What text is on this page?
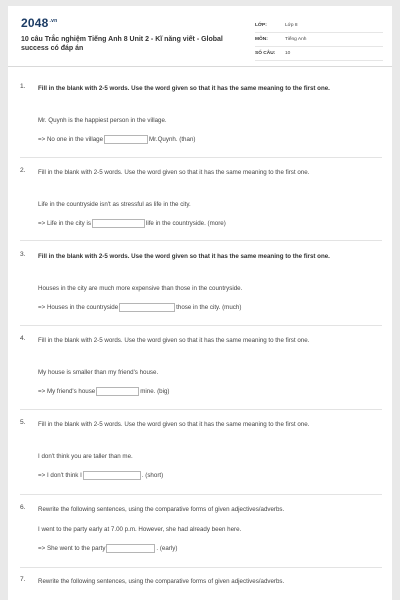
$2048^{.vn}$
10 câu Trắc nghiệm Tiếng Anh 8 Unit 2 - Kĩ năng viết - Global success có đáp án
LỚP:	Lớp 8
MÔN:	Tiếng Anh
SỐ CÂU:	10
1. Fill in the blank with 2-5 words. Use the word given so that it has the same meaning to the first one.
Mr. Quynh is the happiest person in the village.
=> No one in the village	Mr.Quynh. (than)
2. Fill in the blank with 2-5 words. Use the word given so that it has the same meaning to the first one.
Life in the countryside isn't as stressful as life in the city.
=> Life in the city is	life in the countryside. (more)
3. Fill in the blank with 2-5 words. Use the word given so that it has the same meaning to the first one.
Houses in the city are much more expensive than those in the countryside.
=> Houses in the countryside	those in the city. (much)
4. Fill in the blank with 2-5 words. Use the word given so that it has the same meaning to the first one.
My house is smaller than my friend's house.
=> My friend's house	mine. (big)
5. Fill in the blank with 2-5 words. Use the word given so that it has the same meaning to the first one.
I don't think you are taller than me.
=> I don't think I	. (short)
6. Rewrite the following sentences, using the comparative forms of given adjectives/adverbs.
I went to the party early at 7.00 p.m. However, she had already been here.
=> She went to the party	. (early)
7. Rewrite the following sentences, using the comparative forms of given adjectives/adverbs.
